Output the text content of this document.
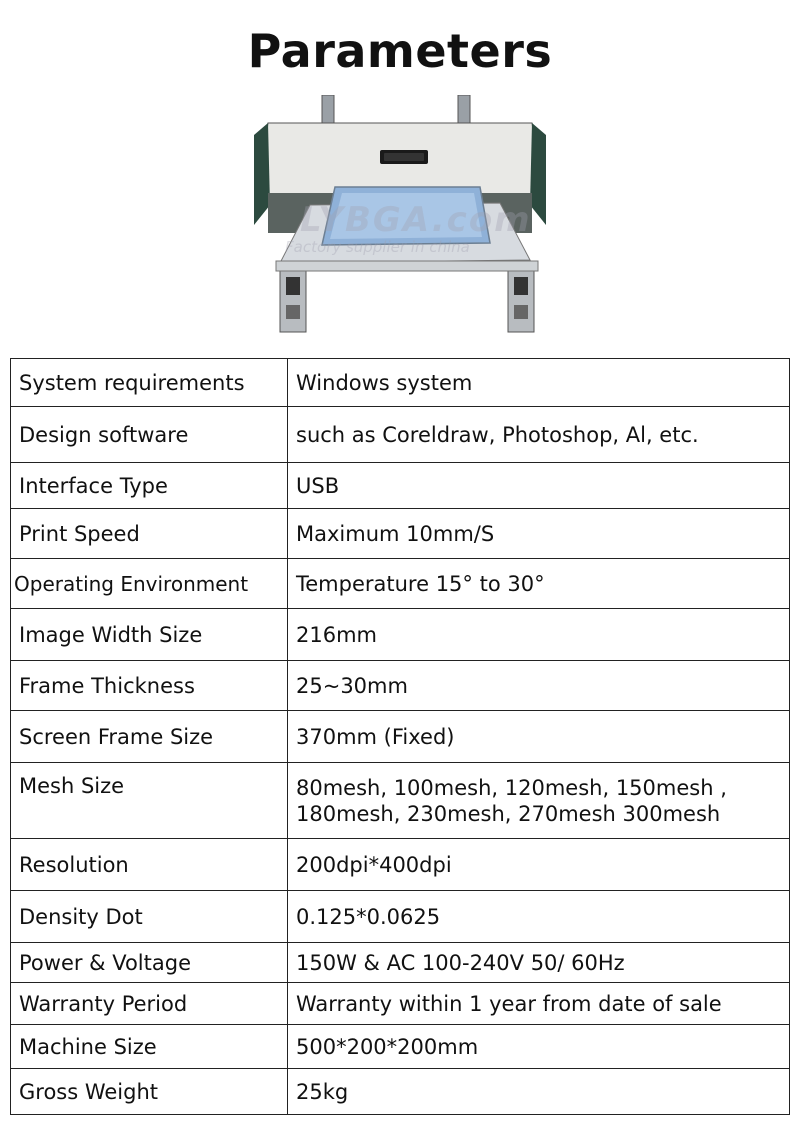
Parameters
LYBGA.com
Factory supplier in china
System requirements	Windows system
Design software	such as Coreldraw, Photoshop, Al, etc.
Interface Type	USB
Print Speed	Maximum 10mm/S
Operating Environment	Temperature 15° to 30°
Image Width Size	216mm
Frame Thickness	25~30mm
Screen Frame Size	370mm (Fixed)
Mesh Size	80mesh, 100mesh, 120mesh, 150mesh ,
180mesh, 230mesh, 270mesh 300mesh

Resolution	200dpi*400dpi
Density Dot	0.125*0.0625
Power & Voltage	150W & AC 100-240V 50/ 60Hz
Warranty Period	Warranty within 1 year from date of sale
Machine Size	500*200*200mm
Gross Weight	25kg
